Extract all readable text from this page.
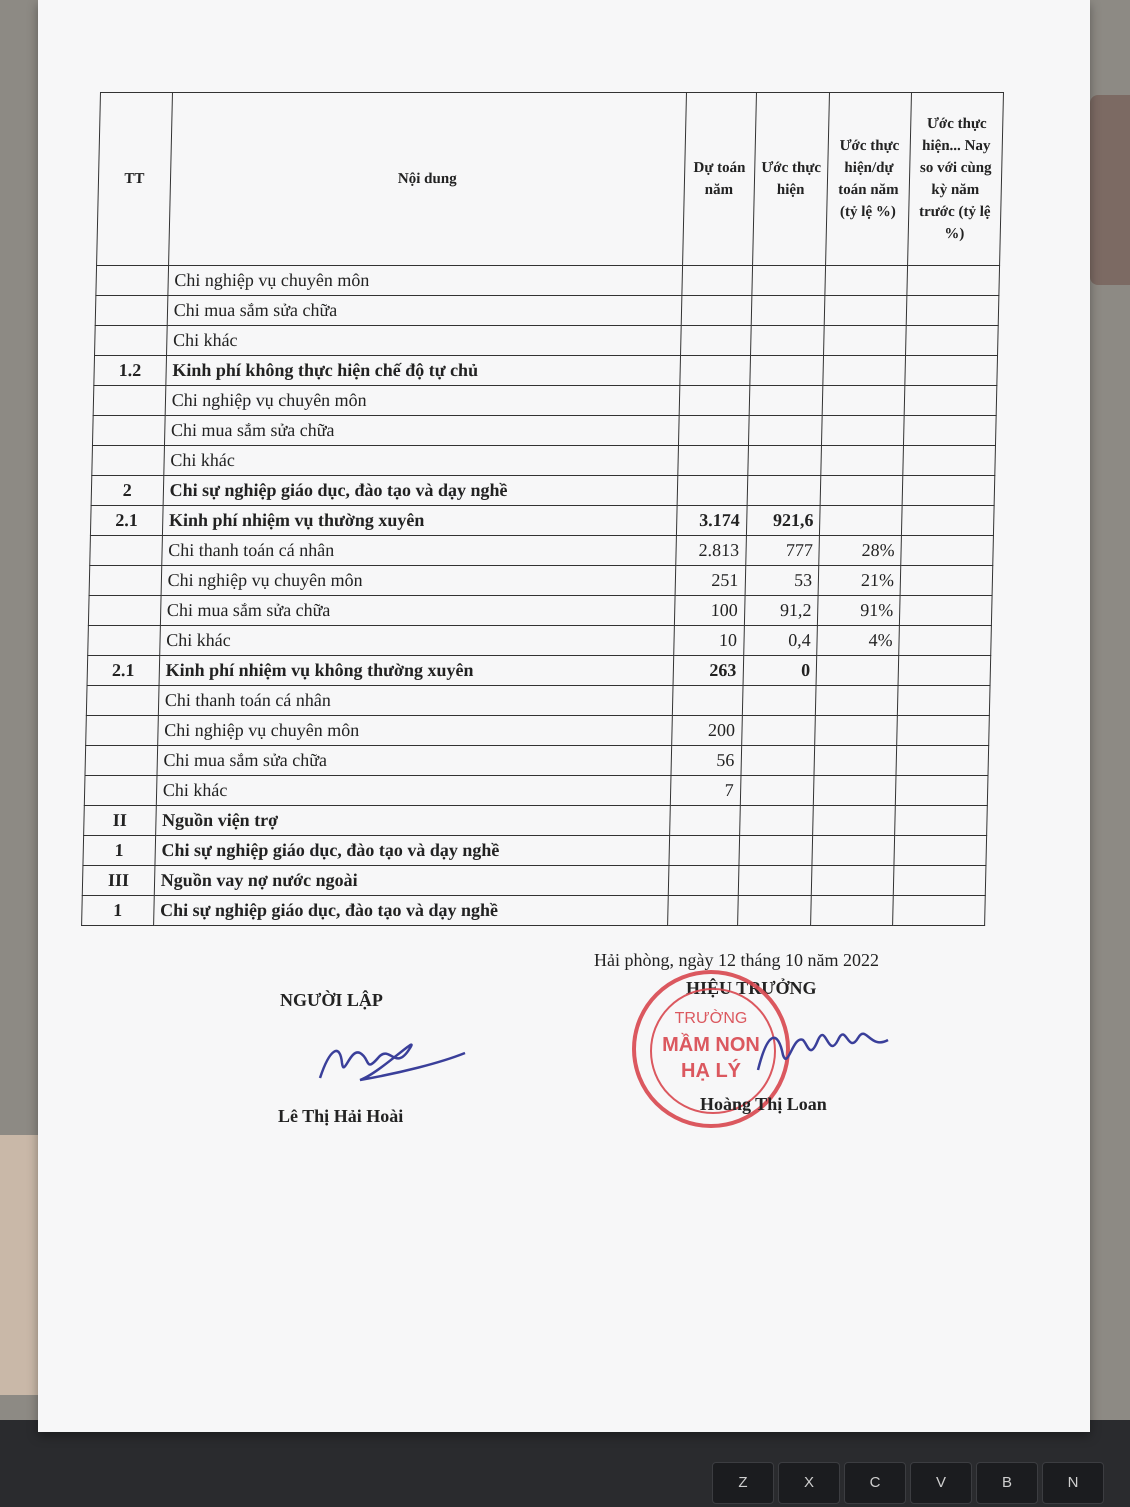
Z	X	C	V	B	N
TT	Nội dung	Dự toán năm	Ước thực hiện	Ước thực hiện/dự toán năm (tỷ lệ %)	Ước thực hiện... Nay so với cùng kỳ năm trước (tỷ lệ %)
	Chi nghiệp vụ chuyên môn				
	Chi mua sắm sửa chữa				
	Chi khác				
1.2	Kinh phí không thực hiện chế độ tự chủ				
	Chi nghiệp vụ chuyên môn				
	Chi mua sắm sửa chữa				
	Chi khác				
2	Chi sự nghiệp giáo dục, đào tạo và dạy nghề				
2.1	Kinh phí nhiệm vụ thường xuyên	3.174	921,6		
	Chi thanh toán cá nhân	2.813	777	28%	
	Chi nghiệp vụ chuyên môn	251	53	21%	
	Chi mua sắm sửa chữa	100	91,2	91%	
	Chi khác	10	0,4	4%	
2.1	Kinh phí nhiệm vụ không thường xuyên	263	0		
	Chi thanh toán cá nhân				
	Chi nghiệp vụ chuyên môn	200			
	Chi mua sắm sửa chữa	56			
	Chi khác	7			
II	Nguồn viện trợ				
1	Chi sự nghiệp giáo dục, đào tạo và dạy nghề				
III	Nguồn vay nợ nước ngoài				
1	Chi sự nghiệp giáo dục, đào tạo và dạy nghề				
Hải phòng, ngày 12 tháng 10 năm 2022
NGƯỜI LẬP
HIỆU TRƯỞNG
Lê Thị Hải Hoài
TRƯỜNG
MẦM NON
HẠ LÝ
Hoàng Thị Loan
